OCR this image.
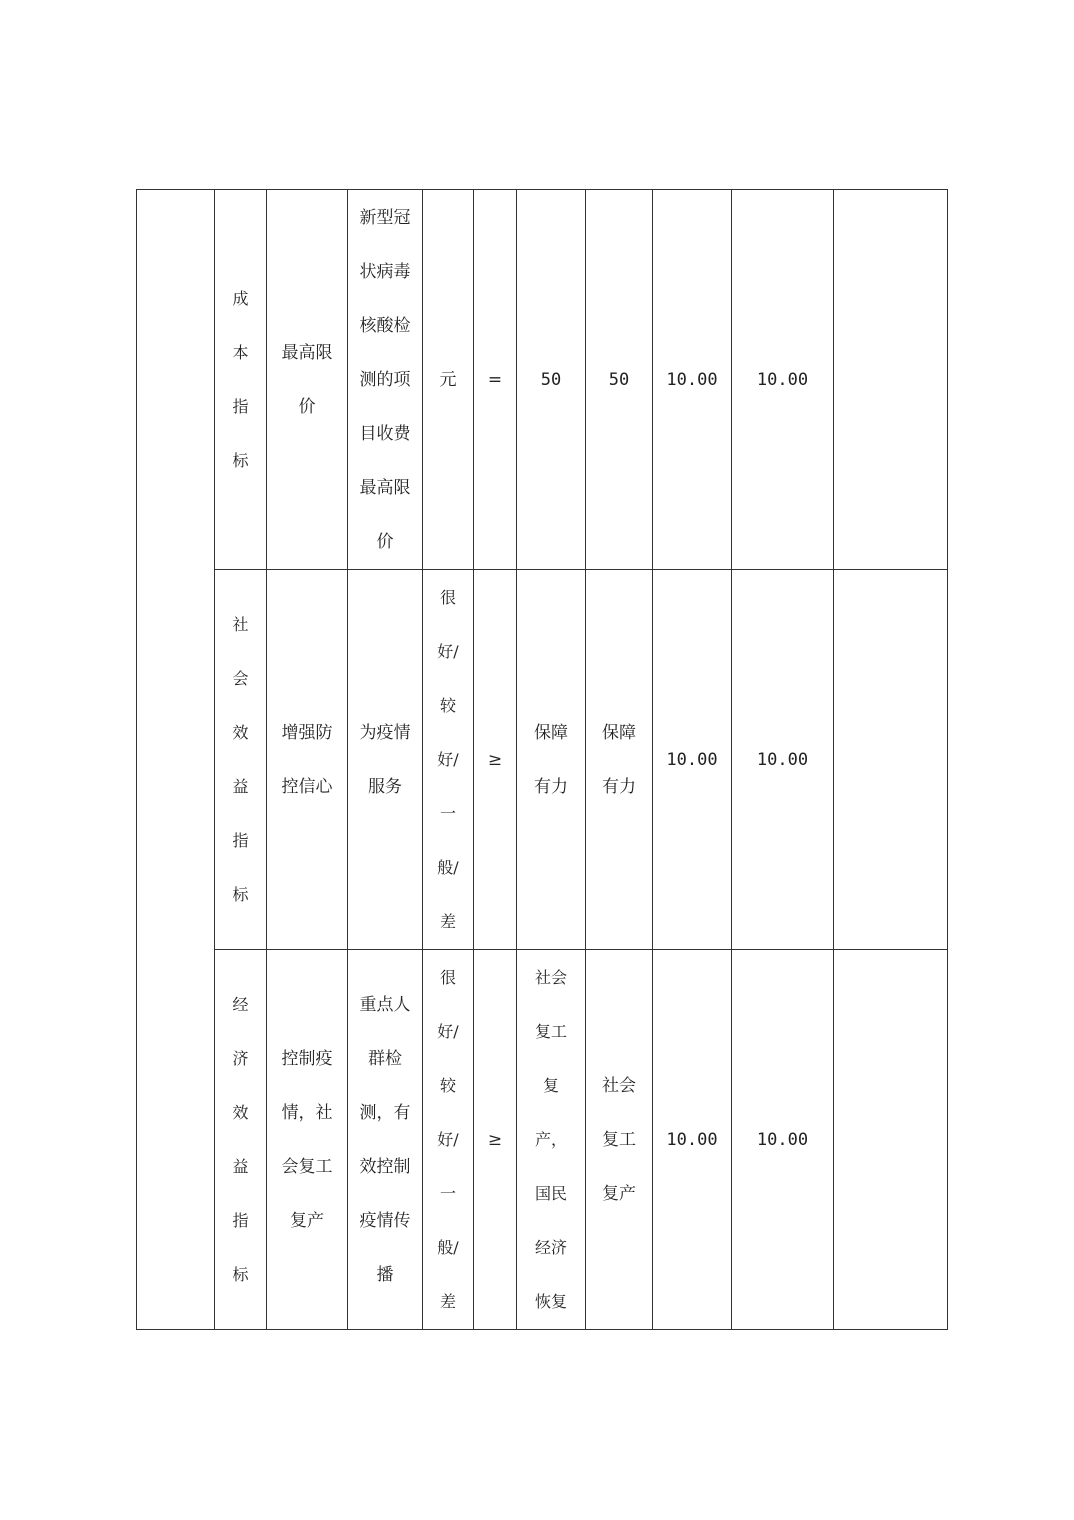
	成本指标	最高限价	新型冠状病毒核酸检测的项目收费最高限价	元	=	50	50	10.00	10.00	
	社会效益指标	增强防控信心	为疫情服务	很好/较好/一般/差	≥	保障有力	保障有力	10.00	10.00	
	经济效益指标	控制疫情，社会复工复产	重点人群检测，有效控制疫情传播	很好/较好/一般/差	≥	社会复工复产，国民经济恢复	社会复工复产	10.00	10.00	
